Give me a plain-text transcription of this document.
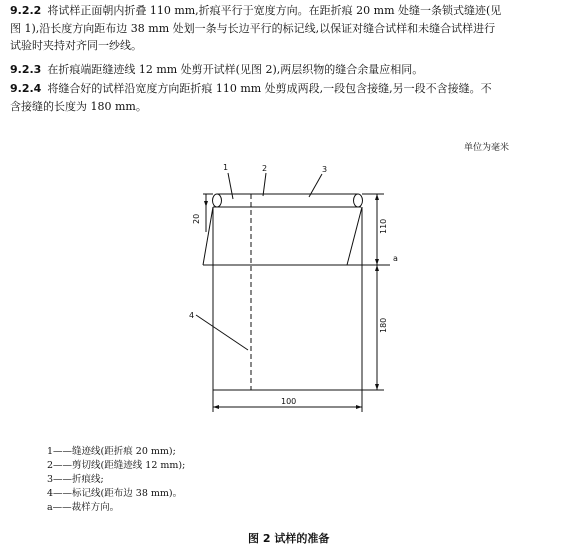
9.2.2 将试样正面朝内折叠 110 mm,折痕平行于宽度方向。在距折痕 20 mm 处缝一条锁式缝迹(见
图 1),沿长度方向距布边 38 mm 处划一条与长边平行的标记线,以保证对缝合试样和未缝合试样进行
试验时夹持对齐同一纱线。
9.2.3 在折痕端距缝迹线 12 mm 处剪开试样(见图 2),两层织物的缝合余量应相同。
9.2.4 将缝合好的试样沿宽度方向距折痕 110 mm 处剪成两段,一段包含接缝,另一段不含接缝。不
含接缝的长度为 180 mm。
单位为毫米
1	2	3
4
a
20	110
180
100
1——缝迹线(距折痕 20 mm);
2——剪切线(距缝迹线 12 mm);
3——折痕线;
4——标记线(距布边 38 mm)。
a——裁样方向。
图 2 试样的准备
